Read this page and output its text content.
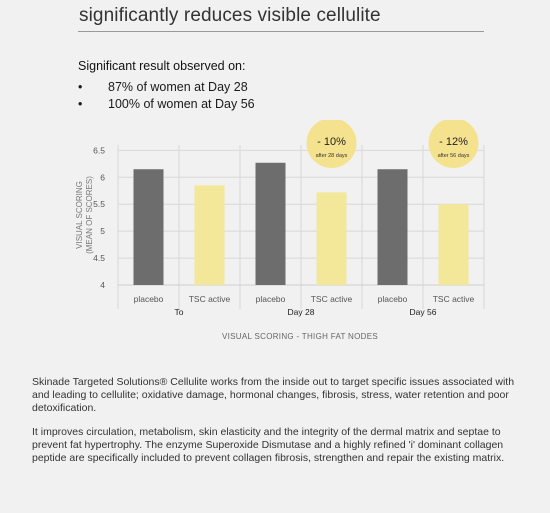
significantly reduces visible cellulite
Significant result observed on:
• 87% of women at Day 28
• 100% of women at Day 56
6.5
6
5.5
5
4.5
4
placebo	TSC active	placebo	TSC active	placebo	TSC active
To	Day 28	Day 56
- 10%
after 28 days
- 12%
after 56 days
VISUAL SCORING(MEAN OF SCORES)
VISUAL SCORING - THIGH FAT NODES

Skinade Targeted Solutions® Cellulite works from the inside out to target specific issues associated with and leading to cellulite; oxidative damage, hormonal changes, fibrosis, stress, water retention and poor detoxification.

It improves circulation, metabolism, skin elasticity and the integrity of the dermal matrix and septae to prevent fat hypertrophy. The enzyme Superoxide Dismutase and a highly refined 'i' dominant collagen peptide are specifically included to prevent collagen fibrosis, strengthen and repair the existing matrix.
